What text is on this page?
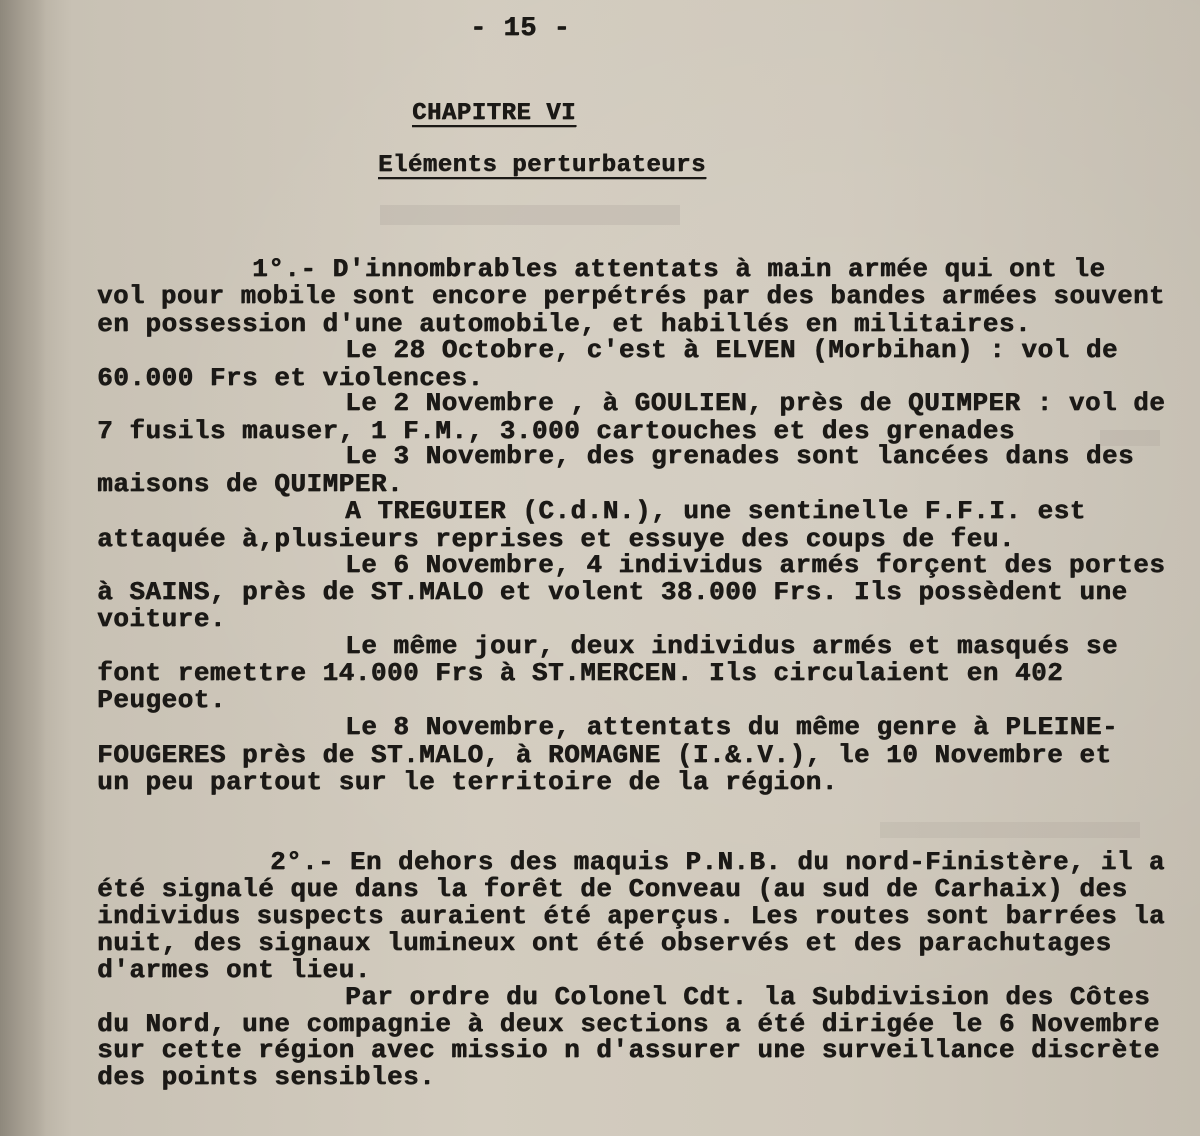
- 15 -
CHAPITRE VI
Eléments perturbateurs
1°.- D'innombrables attentats à main armée qui ont le
vol pour mobile sont encore perpétrés par des bandes armées souvent
en possession d'une automobile, et habillés en militaires.
Le 28 Octobre, c'est à ELVEN (Morbihan) : vol de
60.000 Frs et violences.
Le 2 Novembre , à GOULIEN, près de QUIMPER : vol de
7 fusils mauser, 1 F.M., 3.000 cartouches et des grenades
Le 3 Novembre, des grenades sont lancées dans des
maisons de QUIMPER.
A TREGUIER (C.d.N.), une sentinelle F.F.I. est
attaquée à,plusieurs reprises et essuye des coups de feu.
Le 6 Novembre, 4 individus armés forçent des portes
à SAINS, près de ST.MALO et volent 38.000 Frs. Ils possèdent une
voiture.
Le même jour, deux individus armés et masqués se
font remettre 14.000 Frs à ST.MERCEN. Ils circulaient en 402
Peugeot.
Le 8 Novembre, attentats du même genre à PLEINE-
FOUGERES près de ST.MALO, à ROMAGNE (I.&.V.), le 10 Novembre et
un peu partout sur le territoire de la région.
2°.- En dehors des maquis P.N.B. du nord-Finistère, il a
été signalé que dans la forêt de Conveau (au sud de Carhaix) des
individus suspects auraient été aperçus. Les routes sont barrées la
nuit, des signaux lumineux ont été observés et des parachutages
d'armes ont lieu.
Par ordre du Colonel Cdt. la Subdivision des Côtes
du Nord, une compagnie à deux sections a été dirigée le 6 Novembre
sur cette région avec missio n d'assurer une surveillance discrète
des points sensibles.
